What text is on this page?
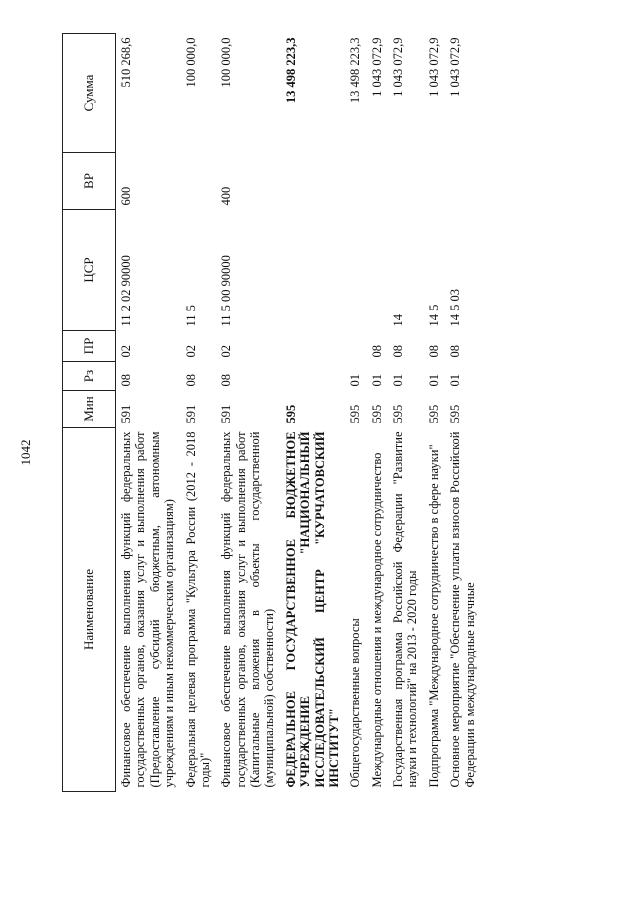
1042
Наименование	Мин	Рз	ПР	ЦСР	ВР	Сумма
Финансовое обеспечение выполнения функций федеральных государственных органов, оказания услуг и выполнения работ (Предоставление субсидий бюджетным, автономным учреждениям и иным некоммерческим организациям)	591	08	02	11 2 02 90000	600	510 268,6
Федеральная целевая программа "Культура России (2012 - 2018 годы)"	591	08	02	11 5		100 000,0
Финансовое обеспечение выполнения функций федеральных государственных органов, оказания услуг и выполнения работ (Капитальные вложения в объекты государственной (муниципальной) собственности)	591	08	02	11 5 00 90000	400	100 000,0
ФЕДЕРАЛЬНОЕ ГОСУДАРСТВЕННОЕ БЮДЖЕТНОЕ УЧРЕЖДЕНИЕ "НАЦИОНАЛЬНЫЙ ИССЛЕДОВАТЕЛЬСКИЙ ЦЕНТР "КУРЧАТОВСКИЙ ИНСТИТУТ"	595					13 498 223,3
Общегосударственные вопросы	595	01				13 498 223,3
Международные отношения и международное сотрудничество	595	01	08			1 043 072,9
Государственная программа Российской Федерации "Развитие науки и технологий" на 2013 - 2020 годы	595	01	08	14		1 043 072,9
Подпрограмма "Международное сотрудничество в сфере науки"	595	01	08	14 5		1 043 072,9
Основное мероприятие "Обеспечение уплаты взносов Российской Федерации в международные научные	595	01	08	14 5 03		1 043 072,9
